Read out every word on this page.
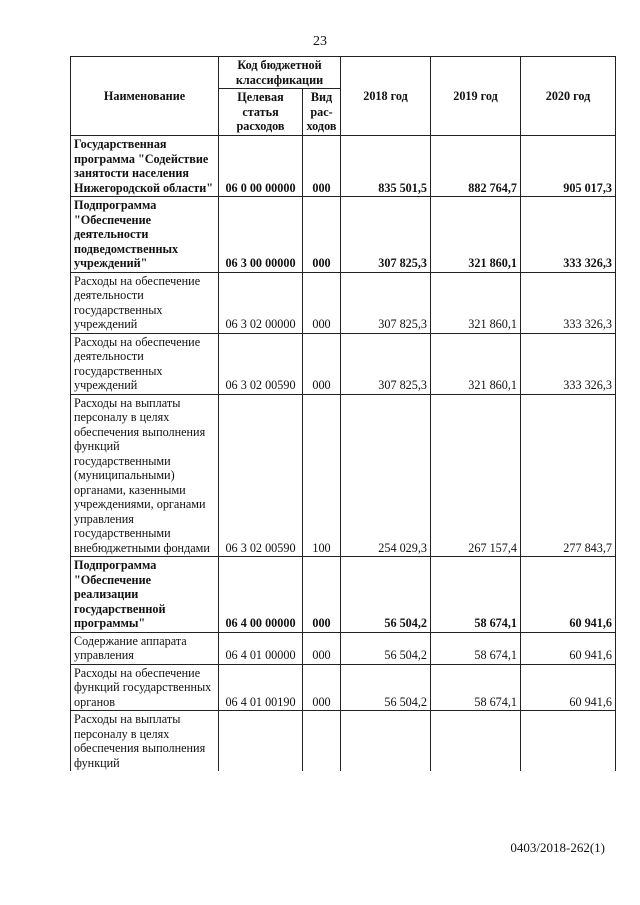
23
Наименование	Код бюджетной классификации		2018 год	2019 год	2020 год
	Целевая статья расходов	Вид рас- ходов			
Государственная программа "Содействие занятости населения Нижегородской области"	06 0 00 00000	000	835 501,5	882 764,7	905 017,3
Подпрограмма "Обеспечение деятельности подведомственных учреждений"	06 3 00 00000	000	307 825,3	321 860,1	333 326,3
Расходы на обеспечение деятельности государственных учреждений	06 3 02 00000	000	307 825,3	321 860,1	333 326,3
Расходы на обеспечение деятельности государственных учреждений	06 3 02 00590	000	307 825,3	321 860,1	333 326,3
Расходы на выплаты персоналу в целях обеспечения выполнения функций государственными (муниципальными) органами, казенными учреждениями, органами управления государственными внебюджетными фондами	06 3 02 00590	100	254 029,3	267 157,4	277 843,7
Подпрограмма "Обеспечение реализации государственной программы"	06 4 00 00000	000	56 504,2	58 674,1	60 941,6
Содержание аппарата управления	06 4 01 00000	000	56 504,2	58 674,1	60 941,6
Расходы на обеспечение функций государственных органов	06 4 01 00190	000	56 504,2	58 674,1	60 941,6
Расходы на выплаты персоналу в целях обеспечения выполнения функций					
0403/2018-262(1)
